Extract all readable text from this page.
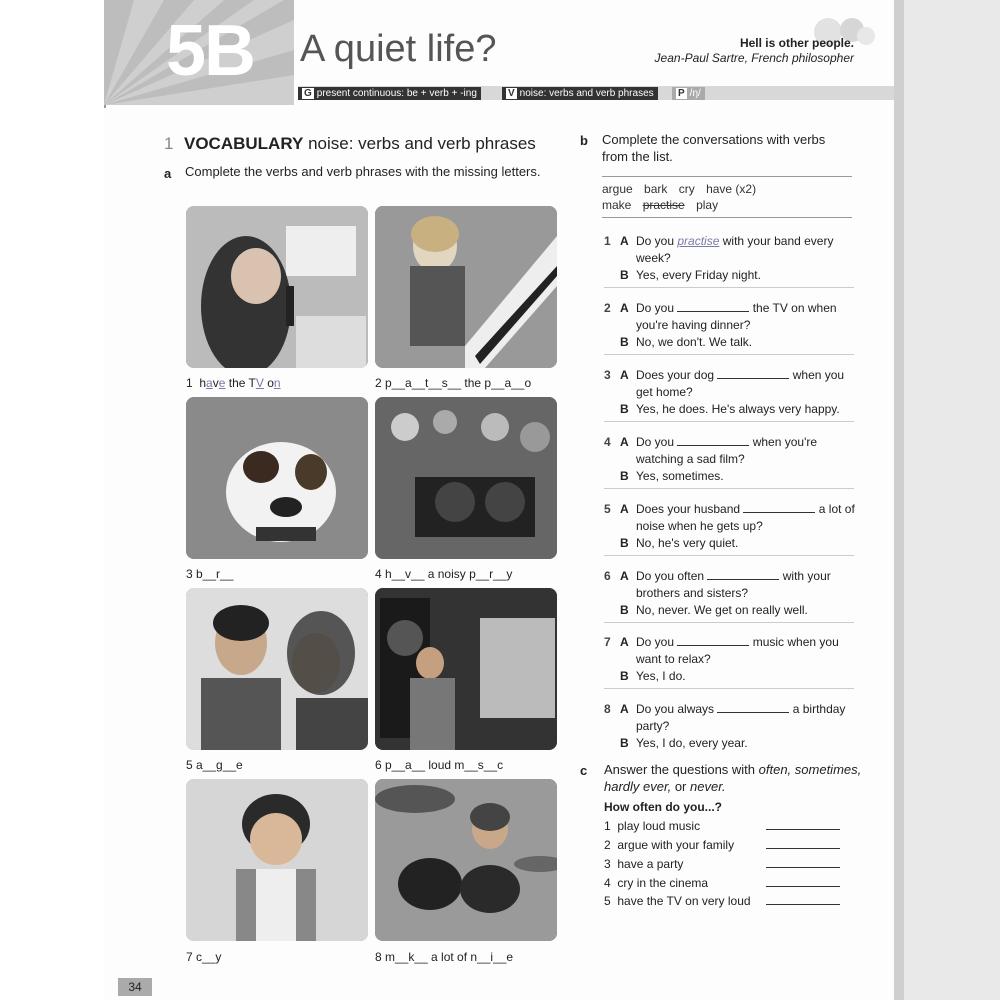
5B A quiet life?	Hell is other people.
Jean-Paul Sartre, French philosopher
G present continuous: be + verb + -ing	V noise: verbs and verb phrases	P /ŋ/
1 VOCABULARY noise: verbs and verb phrases
a Complete the verbs and verb phrases with the missing letters.
1 have the TV on	2 p__a__t__s__ the p__a__o
3 b__r__	4 h__v__ a noisy p__r__y
5 a__g__e	6 p__a__ loud m__s__c
7 c__y	8 m__k__ a lot of n__i__e
b Complete the conversations with verbs from the list.
argue bark cry have (x2)
make practise play
1 A Do you practise with your band every week?
B Yes, every Friday night.
2 A Do you	the TV on when you're having dinner?
B No, we don't. We talk.
3 A Does your dog	when you get home?
B Yes, he does. He's always very happy.
4 A Do you	when you're watching a sad film?
B Yes, sometimes.
5 A Does your husband	a lot of noise when he gets up?
B No, he's very quiet.
6 A Do you often	with your brothers and sisters?
B No, never. We get on really well.
7 A Do you	music when you want to relax?
B Yes, I do.
8 A Do you always	a birthday party?
B Yes, I do, every year.
c Answer the questions with often, sometimes, hardly ever, or never.
How often do you...?
1 play loud music
2 argue with your family
3 have a party
4 cry in the cinema
5 have the TV on very loud
34
